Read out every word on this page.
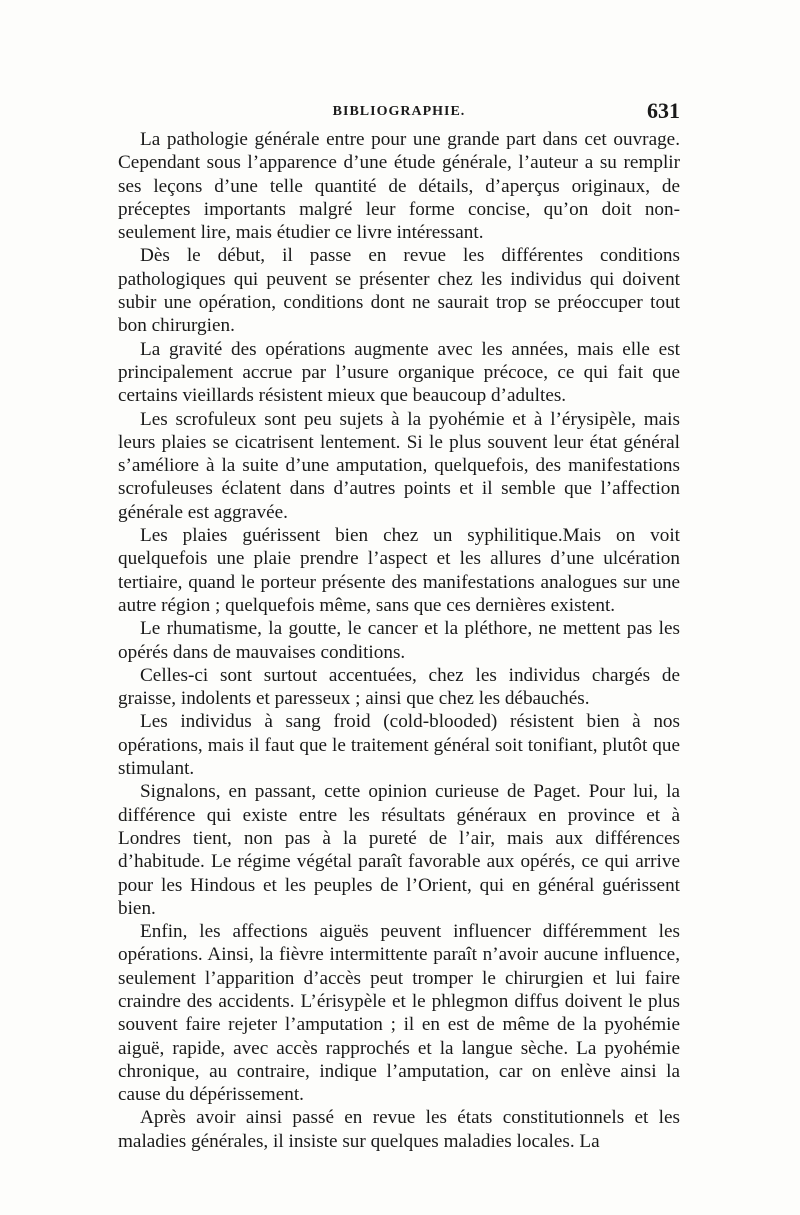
BIBLIOGRAPHIE.	631

La pathologie générale entre pour une grande part dans cet ouvrage. Cependant sous l’apparence d’une étude générale, l’auteur a su remplir ses leçons d’une telle quantité de détails, d’aperçus originaux, de préceptes importants malgré leur forme concise, qu’on doit non-seulement lire, mais étudier ce livre intéressant.

Dès le début, il passe en revue les différentes conditions pathologiques qui peuvent se présenter chez les individus qui doivent subir une opération, conditions dont ne saurait trop se préoccuper tout bon chirurgien.

La gravité des opérations augmente avec les années, mais elle est principalement accrue par l’usure organique précoce, ce qui fait que certains vieillards résistent mieux que beaucoup d’adultes.

Les scrofuleux sont peu sujets à la pyohémie et à l’érysipèle, mais leurs plaies se cicatrisent lentement. Si le plus souvent leur état général s’améliore à la suite d’une amputation, quelquefois, des manifestations scrofuleuses éclatent dans d’autres points et il semble que l’affection générale est aggravée.

Les plaies guérissent bien chez un syphilitique.Mais on voit quelquefois une plaie prendre l’aspect et les allures d’une ulcération tertiaire, quand le porteur présente des manifestations analogues sur une autre région ; quelquefois même, sans que ces dernières existent.

Le rhumatisme, la goutte, le cancer et la pléthore, ne mettent pas les opérés dans de mauvaises conditions.

Celles-ci sont surtout accentuées, chez les individus chargés de graisse, indolents et paresseux ; ainsi que chez les débauchés.

Les individus à sang froid (cold-blooded) résistent bien à nos opérations, mais il faut que le traitement général soit tonifiant, plutôt que stimulant.

Signalons, en passant, cette opinion curieuse de Paget. Pour lui, la différence qui existe entre les résultats généraux en province et à Londres tient, non pas à la pureté de l’air, mais aux différences d’habitude. Le régime végétal paraît favorable aux opérés, ce qui arrive pour les Hindous et les peuples de l’Orient, qui en général guérissent bien.

Enfin, les affections aiguës peuvent influencer différemment les opérations. Ainsi, la fièvre intermittente paraît n’avoir aucune influence, seulement l’apparition d’accès peut tromper le chirurgien et lui faire craindre des accidents. L’érisypèle et le phlegmon diffus doivent le plus souvent faire rejeter l’amputation ; il en est de même de la pyohémie aiguë, rapide, avec accès rapprochés et la langue sèche. La pyohémie chronique, au contraire, indique l’amputation, car on enlève ainsi la cause du dépérissement.

Après avoir ainsi passé en revue les états constitutionnels et les maladies générales, il insiste sur quelques maladies locales. La
